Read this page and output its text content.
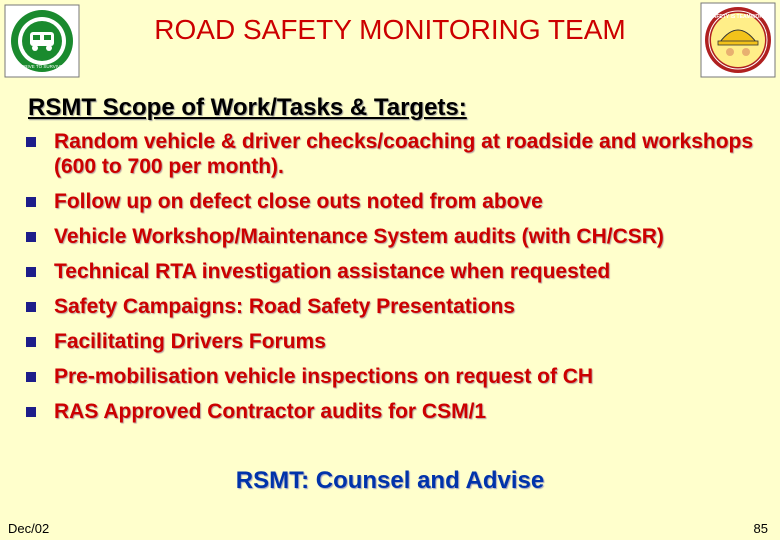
DRIVE TO SURVIVE
ROAD SAFETY MONITORING TEAM	SAFETY IS TEAMWORK
RSMT Scope of Work/Tasks & Targets:
Random vehicle & driver checks/coaching at roadside and workshops (600 to 700 per month).
Follow up on defect close outs noted from above
Vehicle Workshop/Maintenance System audits (with CH/CSR)
Technical RTA investigation assistance when requested
Safety Campaigns: Road Safety Presentations
Facilitating Drivers Forums
Pre-mobilisation vehicle inspections on request of CH
RAS Approved Contractor audits for CSM/1
RSMT: Counsel and Advise
Dec/02	85
